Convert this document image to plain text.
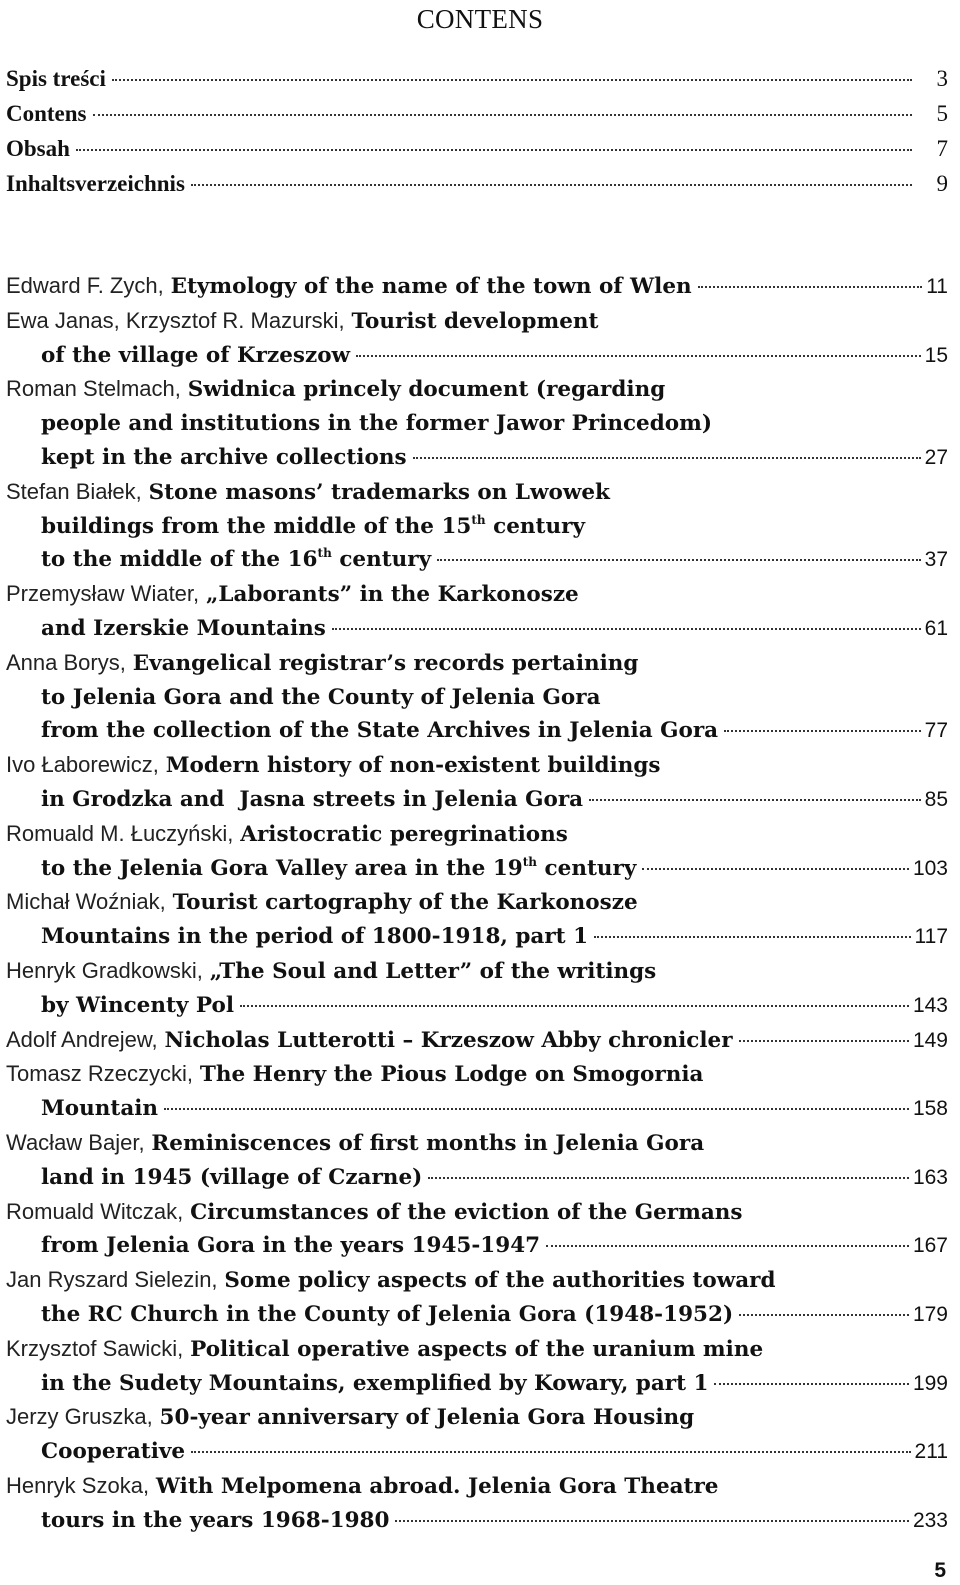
CONTENS
Spis treści	3
Contens	5
Obsah	7
Inhaltsverzeichnis	9
Edward F. Zych,
Etymology of the name of the town of Wlen	11
Ewa Janas, Krzysztof R. Mazurski,
Tourist development
of the village of Krzeszow	15
Roman Stelmach,
Swidnica princely document (regarding
people and institutions in the former Jawor Princedom)
kept in the archive collections	27
Stefan Białek,
Stone masons’ trademarks on Lwowek
buildings from the middle of the 15th century
to the middle of the 16th century	37
Przemysław Wiater,
„Laborants” in the Karkonosze
and Izerskie Mountains	61
Anna Borys,
Evangelical registrar’s records pertaining
to Jelenia Gora and the County of Jelenia Gora
from the collection of the State Archives in Jelenia Gora	77
Ivo Łaborewicz,
Modern history of non-existent buildings
in Grodzka and  Jasna streets in Jelenia Gora	85
Romuald M. Łuczyński,
Aristocratic peregrinations
to the Jelenia Gora Valley area in the 19th century	103
Michał Woźniak,
Tourist cartography of the Karkonosze
Mountains in the period of 1800-1918, part 1	117
Henryk Gradkowski,
„The Soul and Letter” of the writings
by Wincenty Pol	143
Adolf Andrejew,
Nicholas Lutterotti – Krzeszow Abby chronicler	149
Tomasz Rzeczycki,
The Henry the Pious Lodge on Smogornia
Mountain	158
Wacław Bajer,
Reminiscences of first months in Jelenia Gora
land in 1945 (village of Czarne)	163
Romuald Witczak,
Circumstances of the eviction of the Germans
from Jelenia Gora in the years 1945-1947	167
Jan Ryszard Sielezin,
Some policy aspects of the authorities toward
the RC Church in the County of Jelenia Gora (1948-1952)	179
Krzysztof Sawicki,
Political operative aspects of the uranium mine
in the Sudety Mountains, exemplified by Kowary, part 1	199
Jerzy Gruszka,
50-year anniversary of Jelenia Gora Housing
Cooperative	211
Henryk Szoka,
With Melpomena abroad. Jelenia Gora Theatre
tours in the years 1968-1980	233
5
